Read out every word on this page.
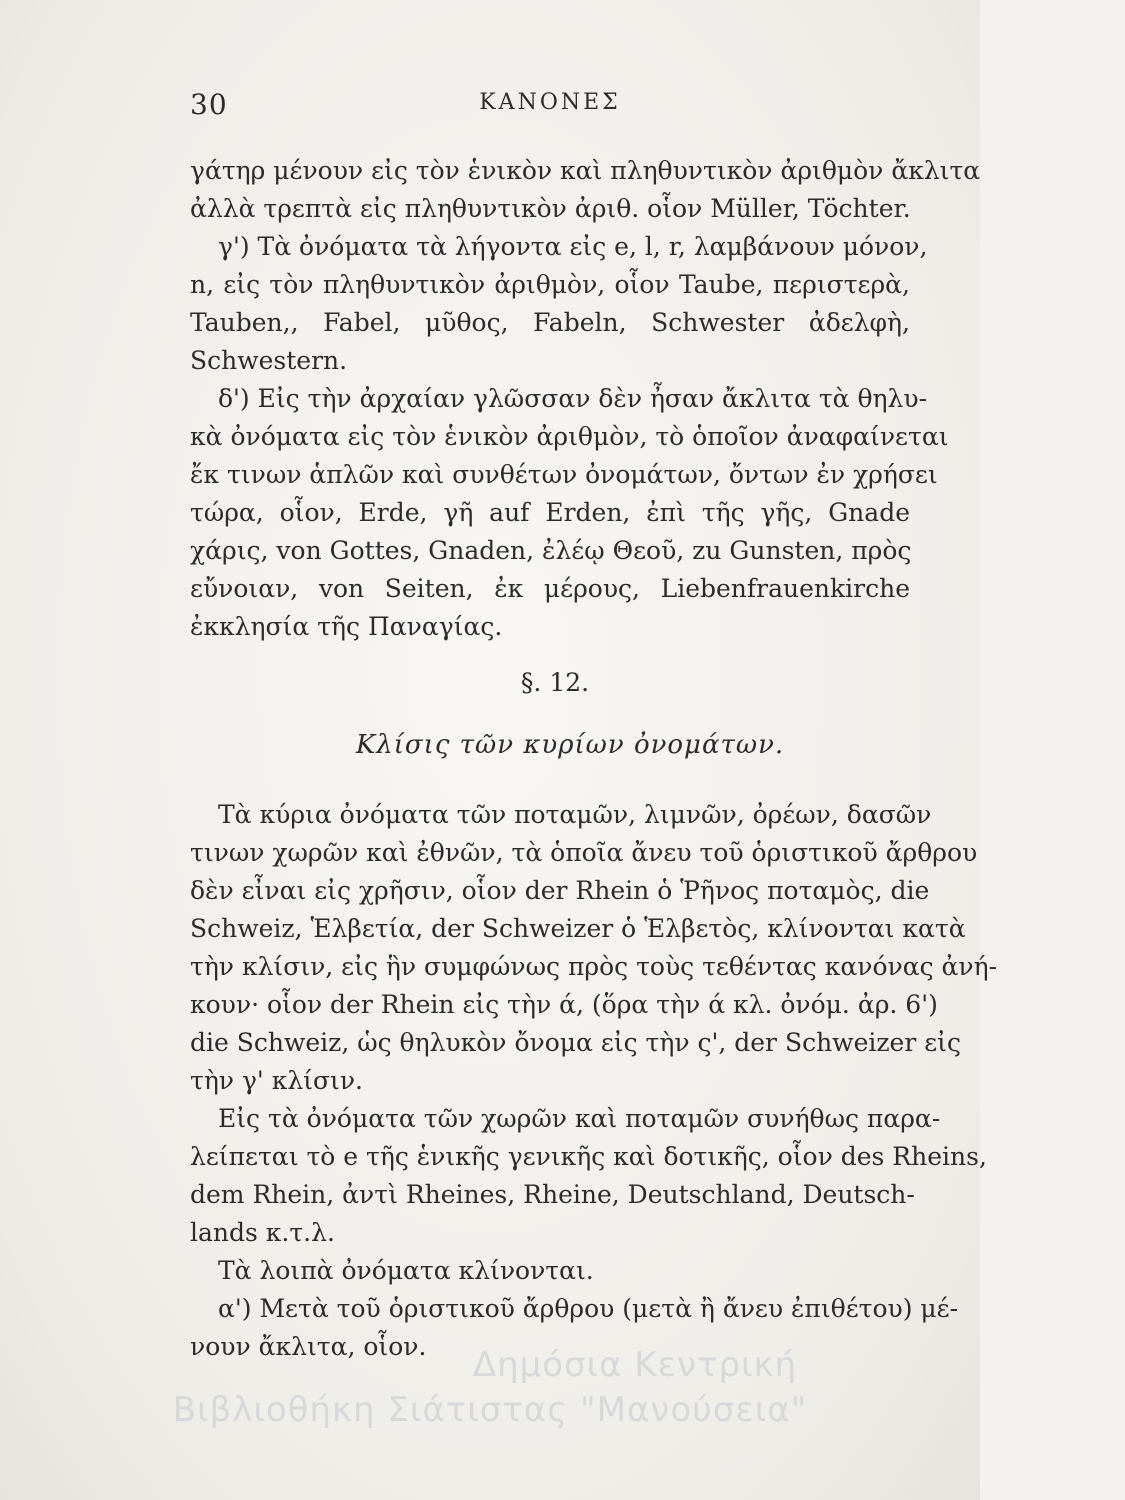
30	ΚΑΝΟΝΕΣ
γάτηρ μένουν εἰς τὸν ἑνικὸν καὶ πληθυντικὸν ἀριθμὸν ἄκλιτα
ἀλλὰ τρεπτὰ εἰς πληθυντικὸν ἀριθ. οἷον Müller, Töchter.
γ') Τὰ ὀνόματα τὰ λήγοντα εἰς e, l, r, λαμβάνουν μόνον,
n, εἰς τὸν πληθυντικὸν ἀριθμὸν, οἷον Taube, περιστερὰ,
Tauben,, Fabel, μῦθος, Fabeln, Schwester ἀδελφὴ,
Schwestern.
δ') Εἰς τὴν ἀρχαίαν γλῶσσαν δὲν ἦσαν ἄκλιτα τὰ θηλυ-
κὰ ὀνόματα εἰς τὸν ἑνικὸν ἀριθμὸν, τὸ ὁποῖον ἀναφαίνεται
ἔκ τινων ἁπλῶν καὶ συνθέτων ὀνομάτων, ὄντων ἐν χρήσει
τώρα, οἷον, Erde, γῆ auf Erden, ἐπὶ τῆς γῆς, Gnade
χάρις, von Gottes, Gnaden, ἐλέῳ Θεοῦ, zu Gunsten, πρὸς
εὔνοιαν, von Seiten, ἐκ μέρους, Liebenfrauenkirche
ἐκκλησία τῆς Παναγίας.
§. 12.
Κλίσις τῶν κυρίων ὀνομάτων.
Τὰ κύρια ὀνόματα τῶν ποταμῶν, λιμνῶν, ὀρέων, δασῶν
τινων χωρῶν καὶ ἐθνῶν, τὰ ὁποῖα ἄνευ τοῦ ὁριστικοῦ ἄρθρου
δὲν εἶναι εἰς χρῆσιν, οἷον der Rhein ὁ Ῥῆνος ποταμὸς, die
Schweiz, Ἑλβετία, der Schweizer ὁ Ἑλβετὸς, κλίνονται κατὰ
τὴν κλίσιν, εἰς ἣν συμφώνως πρὸς τοὺς τεθέντας κανόνας ἀνή-
κουν· οἷον der Rhein εἰς τὴν ά, (ὅρα τὴν ά κλ. ὀνόμ. ἀρ. 6')
die Schweiz, ὡς θηλυκὸν ὄνομα εἰς τὴν ς', der Schweizer εἰς
τὴν γ' κλίσιν.
Εἰς τὰ ὀνόματα τῶν χωρῶν καὶ ποταμῶν συνήθως παρα-
λείπεται τὸ e τῆς ἑνικῆς γενικῆς καὶ δοτικῆς, οἷον des Rheins,
dem Rhein, ἀντὶ Rheines, Rheine, Deutschland, Deutsch-
lands κ.τ.λ.
Τὰ λοιπὰ ὀνόματα κλίνονται.
α') Μετὰ τοῦ ὁριστικοῦ ἄρθρου (μετὰ ἢ ἄνευ ἐπιθέτου) μέ-
νουν ἄκλιτα, οἷον.	Δημόσια Κεντρική
Βιβλιοθήκη Σιάτιστας "Μανούσεια"
